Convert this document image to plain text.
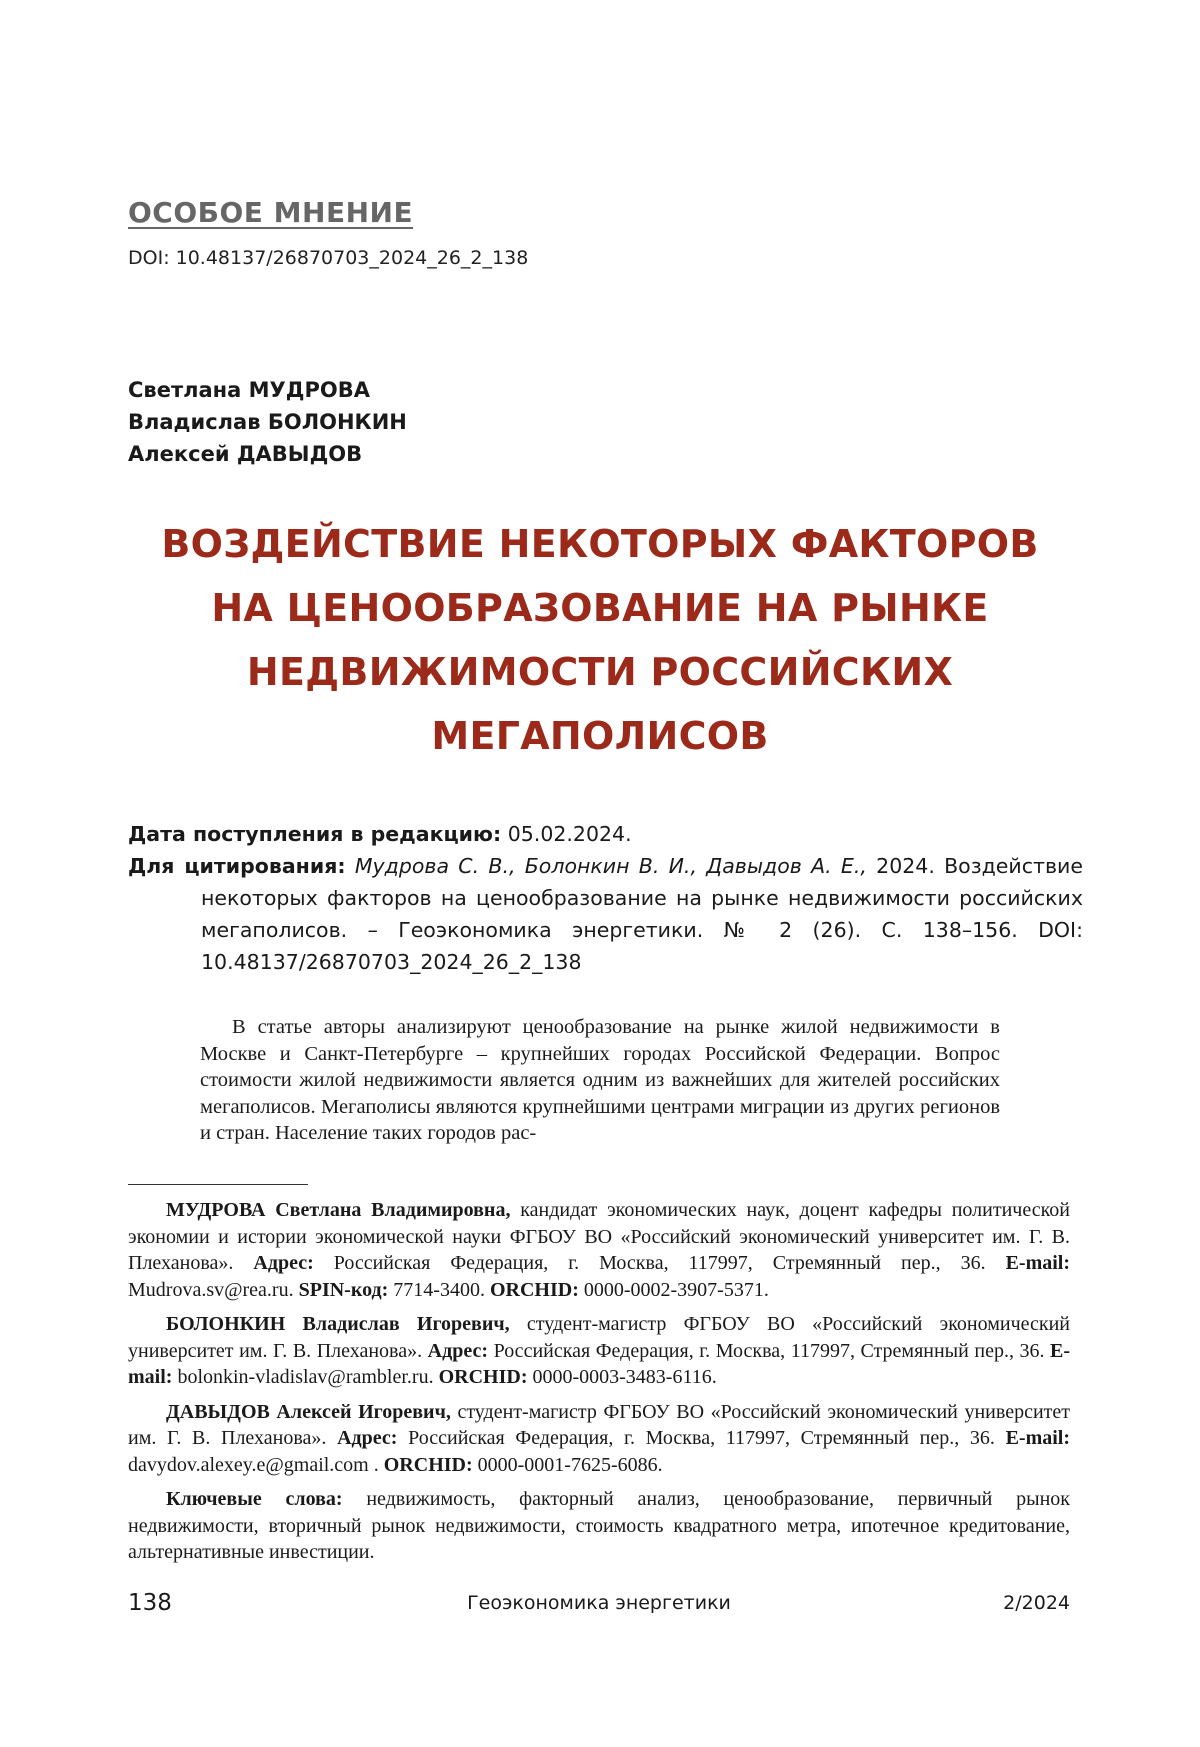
ОСОБОЕ МНЕНИЕ
DOI: 10.48137/26870703_2024_26_2_138
Светлана МУДРОВА
Владислав БОЛОНКИН
Алексей ДАВЫДОВ
ВОЗДЕЙСТВИЕ НЕКОТОРЫХ ФАКТОРОВ
НА ЦЕНООБРАЗОВАНИЕ НА РЫНКЕ
НЕДВИЖИМОСТИ РОССИЙСКИХ
МЕГАПОЛИСОВ
Дата поступления в редакцию: 05.02.2024.
Для цитирования: Мудрова С. В., Болонкин В. И., Давыдов А. Е., 2024. Воздействие некоторых факторов на ценообразование на рынке недвижимости российских мегаполисов. – Геоэкономика энергетики. № 2 (26). С. 138–156. DOI: 10.48137/26870703_2024_26_2_138

В статье авторы анализируют ценообразование на рынке жилой недвижимости в Москве и Санкт-Петербурге – крупнейших городах Российской Федерации. Вопрос стоимости жилой недвижимости является одним из важнейших для жителей российских мегаполисов. Мегаполисы являются крупнейшими центрами миграции из других регионов и стран. Население таких городов рас-

МУДРОВА Светлана Владимировна, кандидат экономических наук, доцент кафедры политической экономии и истории экономической науки ФГБОУ ВО «Российский экономический университет им. Г. В. Плеханова». Адрес: Российская Федерация, г. Москва, 117997, Стремянный пер., 36. E-mail: Mudrova.sv@rea.ru. SPIN-код: 7714-3400. ORCHID: 0000-0002-3907-5371.

БОЛОНКИН Владислав Игоревич, студент-магистр ФГБОУ ВО «Российский экономический университет им. Г. В. Плеханова». Адрес: Российская Федерация, г. Москва, 117997, Стремянный пер., 36. E-mail: bolonkin-vladislav@rambler.ru. ORCHID: 0000-0003-3483-6116.

ДАВЫДОВ Алексей Игоревич, студент-магистр ФГБОУ ВО «Российский экономический университет им. Г. В. Плеханова». Адрес: Российская Федерация, г. Москва, 117997, Стремянный пер., 36. E-mail: davydov.alexey.e@gmail.com . ORCHID: 0000-0001-7625-6086.

Ключевые слова: недвижимость, факторный анализ, ценообразование, первичный рынок недвижимости, вторичный рынок недвижимости, стоимость квадратного метра, ипотечное кредитование, альтернативные инвестиции.

138	Геоэкономика энергетики	2/2024
